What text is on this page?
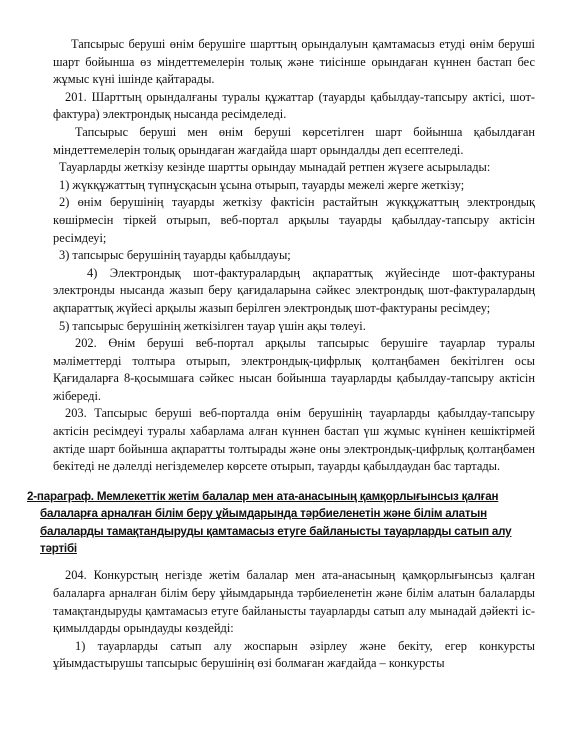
Тапсырыс беруші өнім берушіге шарттың орындалуын қамтамасыз етуді өнім беруші шарт бойынша өз міндеттемелерін толық және тиісінше орындаған күннен бастап бес жұмыс күні ішінде қайтарады.

201. Шарттың орындалғаны туралы құжаттар (тауарды қабылдау-тапсыру актісі, шот-фактура) электрондық нысанда ресімделеді.

Тапсырыс беруші мен өнім беруші көрсетілген шарт бойынша қабылдаған міндеттемелерін толық орындаған жағдайда шарт орындалды деп есептеледі.

Тауарларды жеткізу кезінде шартты орындау мынадай ретпен жүзеге асырылады:

1) жүкқұжаттың түпнұсқасын ұсына отырып, тауарды межелі жерге жеткізу;

2) өнім берушінің тауарды жеткізу фактісін растайтын жүкқұжаттың электрондық көшірмесін тіркей отырып, веб-портал арқылы тауарды қабылдау-тапсыру актісін ресімдеуі;

3) тапсырыс берушінің тауарды қабылдауы;

4) Электрондық шот-фактуралардың ақпараттық жүйесінде шот-фактураны электронды нысанда жазып беру қағидаларына сәйкес электрондық шот-фактуралардың ақпараттық жүйесі арқылы жазып берілген электрондық шот-фактураны ресімдеу;

5) тапсырыс берушінің жеткізілген тауар үшін ақы төлеуі.

202. Өнім беруші веб-портал арқылы тапсырыс берушіге тауарлар туралы мәліметтерді толтыра отырып, электрондық-цифрлық қолтаңбамен бекітілген осы Қағидаларға 8-қосымшаға сәйкес нысан бойынша тауарларды қабылдау-тапсыру актісін жібереді.

203. Тапсырыс беруші веб-порталда өнім берушінің тауарларды қабылдау-тапсыру актісін ресімдеуі туралы хабарлама алған күннен бастап үш жұмыс күнінен кешіктірмей актіде шарт бойынша ақпаратты толтырады және оны электрондық-цифрлық қолтаңбамен бекітеді не дәлелді негіздемелер көрсете отырып, тауарды қабылдаудан бас тартады.

2-параграф. Мемлекеттік жетім балалар мен ата-анасының қамқорлығынсыз қалған балаларға арналған білім беру ұйымдарында тәрбиеленетін және білім алатын балаларды тамақтандыруды қамтамасыз етуге байланысты тауарларды сатып алу тәртібі

204. Конкурстың негізде жетім балалар мен ата-анасының қамқорлығынсыз қалған балаларға арналған білім беру ұйымдарында тәрбиеленетін және білім алатын балаларды тамақтандыруды қамтамасыз етуге байланысты тауарларды сатып алу мынадай дәйекті іс-қимылдарды орындауды көздейді:

1) тауарларды сатып алу жоспарын әзірлеу және бекіту, егер конкурсты ұйымдастырушы тапсырыс берушінің өзі болмаған жағдайда – конкурсты
